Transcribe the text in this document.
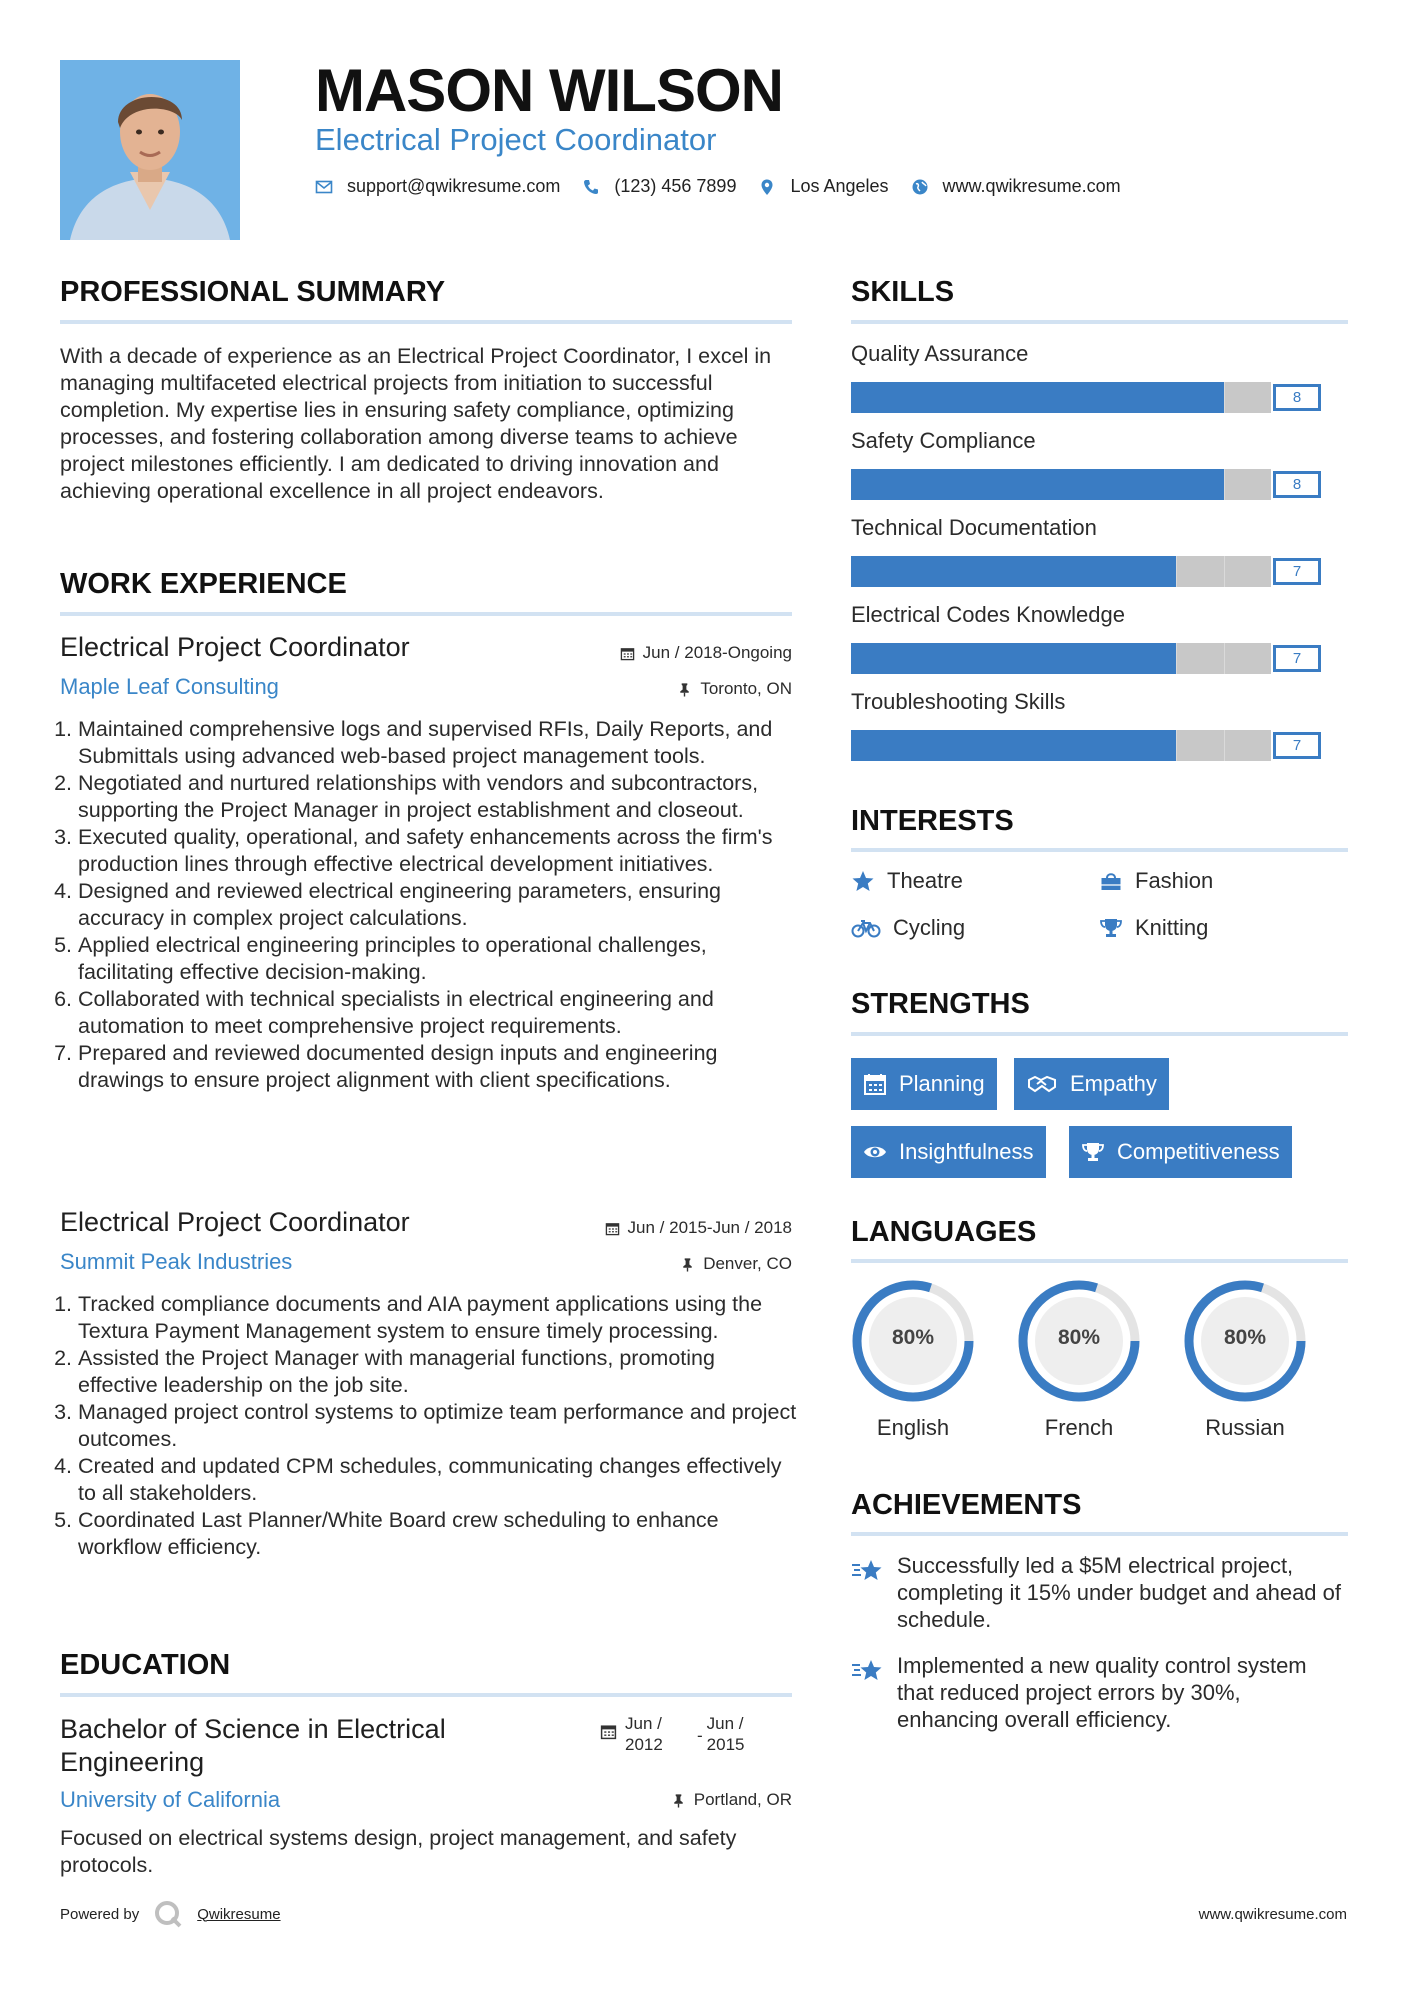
MASON WILSON
Electrical Project Coordinator
support@qwikresume.com	(123) 456 7899	Los Angeles	www.qwikresume.com
PROFESSIONAL SUMMARY
With a decade of experience as an Electrical Project Coordinator, I excel in managing multifaceted electrical projects from initiation to successful completion. My expertise lies in ensuring safety compliance, optimizing processes, and fostering collaboration among diverse teams to achieve project milestones efficiently. I am dedicated to driving innovation and achieving operational excellence in all project endeavors.
WORK EXPERIENCE
Electrical Project Coordinator	Jun / 2018-Ongoing
Maple Leaf Consulting	Toronto, ON
1. Maintained comprehensive logs and supervised RFIs, Daily Reports, and Submittals using advanced web-based project management tools.
2. Negotiated and nurtured relationships with vendors and subcontractors, supporting the Project Manager in project establishment and closeout.
3. Executed quality, operational, and safety enhancements across the firm's production lines through effective electrical development initiatives.
4. Designed and reviewed electrical engineering parameters, ensuring accuracy in complex project calculations.
5. Applied electrical engineering principles to operational challenges, facilitating effective decision-making.
6. Collaborated with technical specialists in electrical engineering and automation to meet comprehensive project requirements.
7. Prepared and reviewed documented design inputs and engineering drawings to ensure project alignment with client specifications.
Electrical Project Coordinator	Jun / 2015-Jun / 2018
Summit Peak Industries	Denver, CO
1. Tracked compliance documents and AIA payment applications using the Textura Payment Management system to ensure timely processing.
2. Assisted the Project Manager with managerial functions, promoting effective leadership on the job site.
3. Managed project control systems to optimize team performance and project outcomes.
4. Created and updated CPM schedules, communicating changes effectively to all stakeholders.
5. Coordinated Last Planner/White Board crew scheduling to enhance workflow efficiency.
EDUCATION
Bachelor of Science in Electrical Engineering
Jun / 2012	-
Jun / 2015
University of California	Portland, OR
Focused on electrical systems design, project management, and safety protocols.
SKILLS
Quality Assurance
8
Safety Compliance
8
Technical Documentation
7
Electrical Codes Knowledge
7
Troubleshooting Skills
7
INTERESTS
Theatre	Fashion
Cycling	Knitting
STRENGTHS
Planning	Empathy
Insightfulness	Competitiveness
LANGUAGES
80%
English
80%
French
80%
Russian
ACHIEVEMENTS
Successfully led a $5M electrical project, completing it 15% under budget and ahead of schedule.
Implemented a new quality control system that reduced project errors by 30%, enhancing overall efficiency.
Powered by	Qwikresume	www.qwikresume.com
